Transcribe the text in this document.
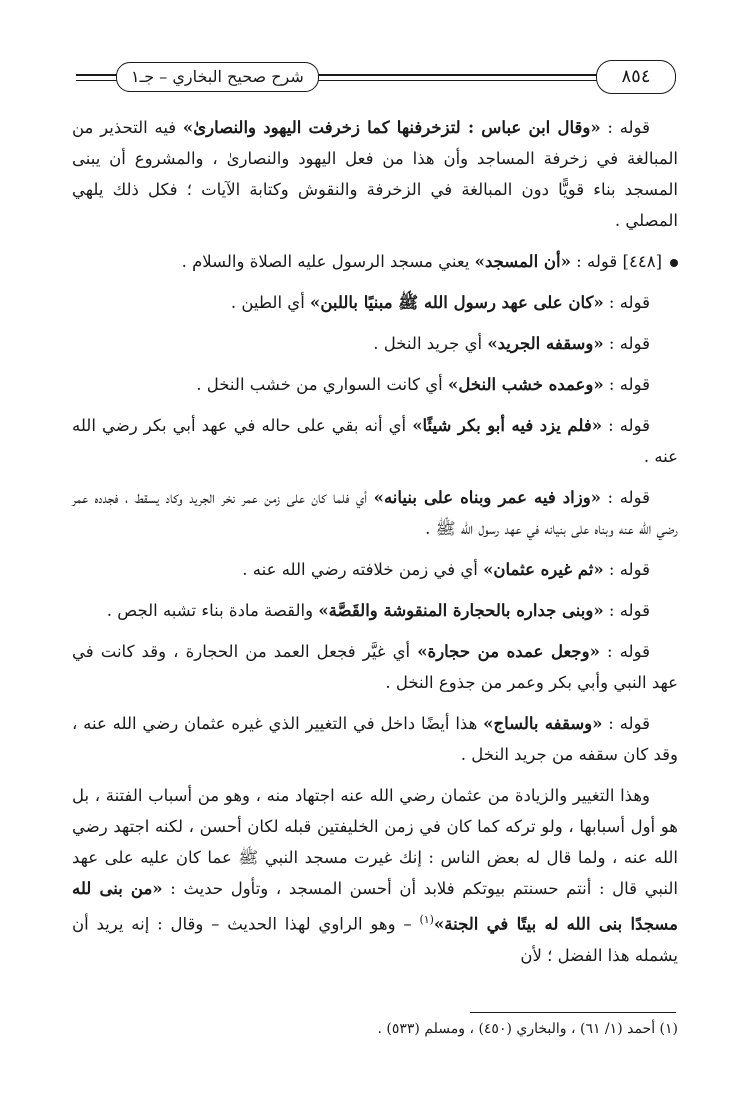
شرح صحيح البخاري – جـ١	٨٥٤

قوله : «وقال ابن عباس : لتزخرفنها كما زخرفت اليهود والنصارىٰ» فيه التحذير من المبالغة في زخرفة المساجد وأن هذا من فعل اليهود والنصارىٰ ، والمشروع أن يبنى المسجد بناء قويًّا دون المبالغة في الزخرفة والنقوش وكتابة الآيات ؛ فكل ذلك يلهي المصلي .

[٤٤٨] قوله : «أن المسجد» يعني مسجد الرسول عليه الصلاة والسلام .

قوله : «كان على عهد رسول الله ﷺ مبنيًا باللبن» أي الطين .

قوله : «وسقفه الجريد» أي جريد النخل .

قوله : «وعمده خشب النخل» أي كانت السواري من خشب النخل .

قوله : «فلم يزد فيه أبو بكر شيئًا» أي أنه بقي على حاله في عهد أبي بكر رضي الله عنه .

قوله : «وزاد فيه عمر وبناه على بنيانه» أي فلما كان على زمن عمر نخر الجريد وكاد يسقط ، فجدده عمر رضي الله عنه وبناه على بنيانه في عهد رسول الله ﷺ .

قوله : «ثم غيره عثمان» أي في زمن خلافته رضي الله عنه .

قوله : «وبنى جداره بالحجارة المنقوشة والقَصَّة» والقصة مادة بناء تشبه الجص .

قوله : «وجعل عمده من حجارة» أي غيَّر فجعل العمد من الحجارة ، وقد كانت في عهد النبي وأبي بكر وعمر من جذوع النخل .

قوله : «وسقفه بالساج» هذا أيضًا داخل في التغيير الذي غيره عثمان رضي الله عنه ، وقد كان سقفه من جريد النخل .

وهذا التغيير والزيادة من عثمان رضي الله عنه اجتهاد منه ، وهو من أسباب الفتنة ، بل هو أول أسبابها ، ولو تركه كما كان في زمن الخليفتين قبله لكان أحسن ، لكنه اجتهد رضي الله عنه ، ولما قال له بعض الناس : إنك غيرت مسجد النبي ﷺ عما كان عليه على عهد النبي قال : أنتم حسنتم بيوتكم فلابد أن أحسن المسجد ، وتأول حديث : «من بنى لله مسجدًا بنى الله له بيتًا في الجنة»$^{(١)}$ – وهو الراوي لهذا الحديث – وقال : إنه يريد أن يشمله هذا الفضل ؛ لأن

(١) أحمد (١/ ٦١) ، والبخاري (٤٥٠) ، ومسلم (٥٣٣) .
